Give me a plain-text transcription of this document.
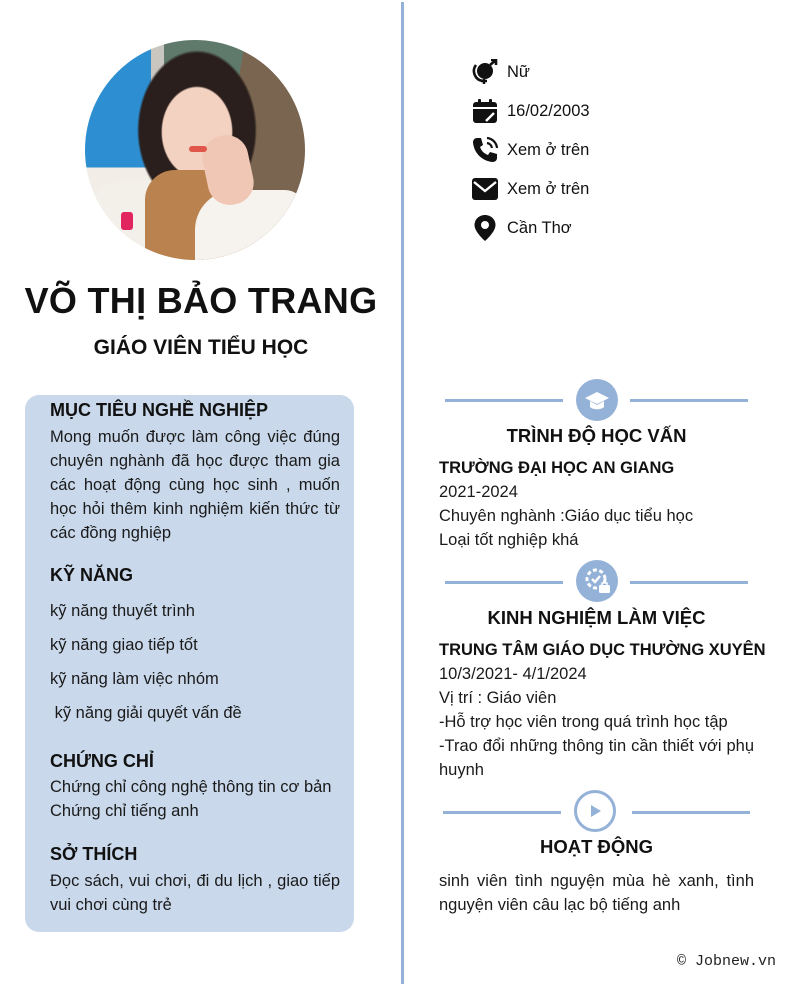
VÕ THỊ BẢO TRANG
GIÁO VIÊN TIỂU HỌC
Nữ
16/02/2003
Xem ở trên
Xem ở trên
Cần Thơ
MỤC TIÊU NGHỀ NGHIỆP
Mong muốn được làm công việc đúng chuyên nghành đã học được tham gia các hoạt động cùng học sinh , muốn học hỏi thêm kinh nghiệm kiến thức từ các đồng nghiệp
KỸ NĂNG
kỹ năng thuyết trình
kỹ năng giao tiếp tốt
kỹ năng làm việc nhóm
kỹ năng giải quyết vấn đề
CHỨNG CHỈ
Chứng chỉ công nghệ thông tin cơ bản
Chứng chỉ tiếng anh
SỞ THÍCH
Đọc sách, vui chơi, đi du lịch , giao tiếp vui chơi cùng trẻ
TRÌNH ĐỘ HỌC VẤN
TRƯỜNG ĐẠI HỌC AN GIANG
2021-2024
Chuyên nghành :Giáo dục tiểu học
Loại tốt nghiệp khá
KINH NGHIỆM LÀM VIỆC
TRUNG TÂM GIÁO DỤC THƯỜNG XUYÊN
10/3/2021- 4/1/2024
Vị trí : Giáo viên
-Hỗ trợ học viên trong quá trình học tập
-Trao đổi những thông tin cần thiết với phụ huynh
HOẠT ĐỘNG
sinh viên tình nguyện mùa hè xanh, tình nguyện viên câu lạc bộ tiếng anh
© Jobnew.vn
